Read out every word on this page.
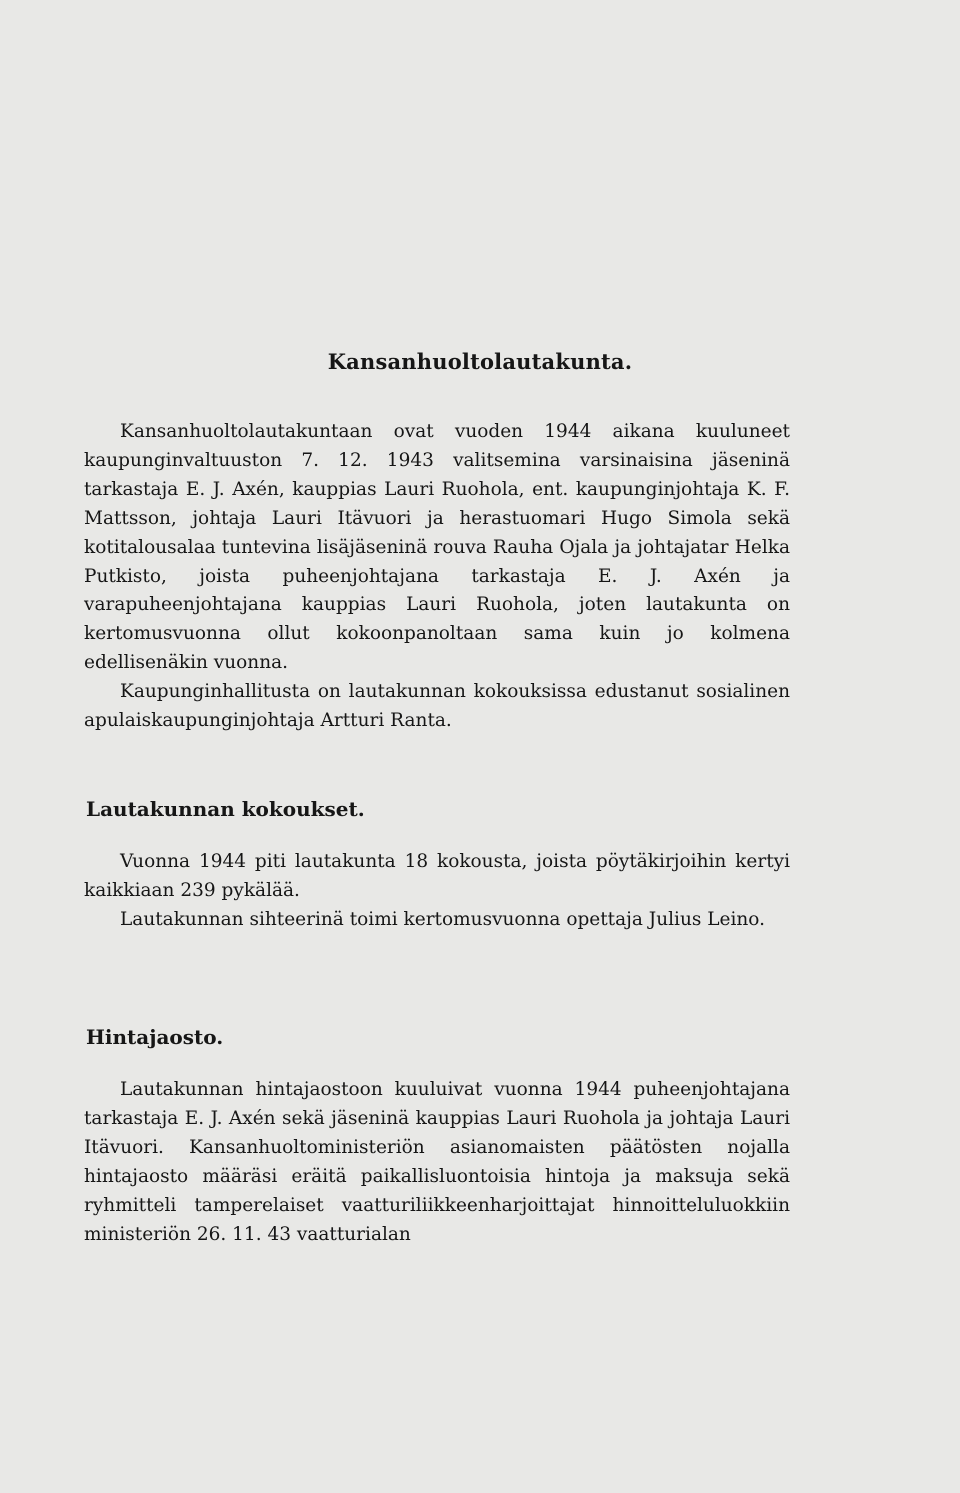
Kansanhuoltolautakunta.

Kansanhuoltolautakuntaan ovat vuoden 1944 aikana kuuluneet kaupunginvaltuuston 7. 12. 1943 valitsemina varsinaisina jäseninä tarkastaja E. J. Axén, kauppias Lauri Ruohola, ent. kaupunginjohtaja K. F. Mattsson, johtaja Lauri Itävuori ja herastuomari Hugo Simola sekä kotitalousalaa tuntevina lisäjäseninä rouva Rauha Ojala ja johtajatar Helka Putkisto, joista puheenjohtajana tarkastaja E. J. Axén ja varapuheenjohtajana kauppias Lauri Ruohola, joten lautakunta on kertomusvuonna ollut kokoonpanoltaan sama kuin jo kolmena edellisenäkin vuonna.

Kaupunginhallitusta on lautakunnan kokouksissa edustanut sosialinen apulaiskaupunginjohtaja Artturi Ranta.

Lautakunnan kokoukset.

Vuonna 1944 piti lautakunta 18 kokousta, joista pöytäkirjoihin kertyi kaikkiaan 239 pykälää.

Lautakunnan sihteerinä toimi kertomusvuonna opettaja Julius Leino.

Hintajaosto.

Lautakunnan hintajaostoon kuuluivat vuonna 1944 puheenjohtajana tarkastaja E. J. Axén sekä jäseninä kauppias Lauri Ruohola ja johtaja Lauri Itävuori. Kansanhuoltoministeriön asianomaisten päätösten nojalla hintajaosto määräsi eräitä paikallisluontoisia hintoja ja maksuja sekä ryhmitteli tamperelaiset vaatturiliikkeenharjoittajat hinnoitteluluokkiin ministeriön 26. 11. 43 vaatturialan
